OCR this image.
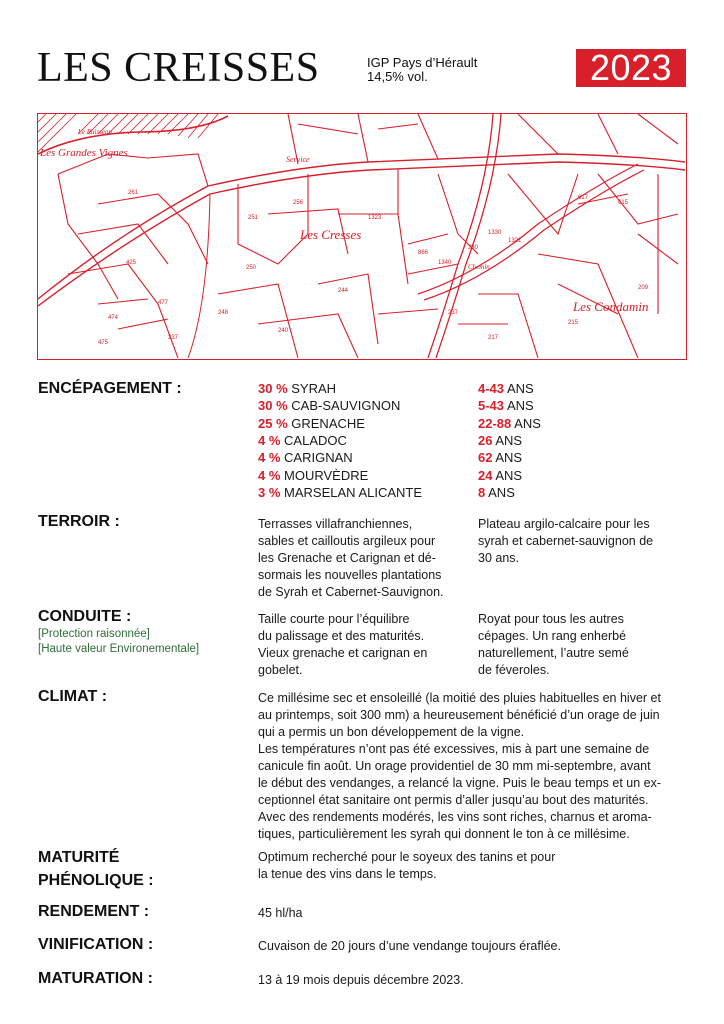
LES CREISSES	IGP Pays d’Hérault
14,5% vol.	2023
Les Grandes Vignes
Les Cresses
Les Condamin
Service
Le Ruisseau
Chemin
261
425
251
250
256
1323
866
1340
230
1330
1321
617
615
248
240
244
237
217
215
209
477
474
475
237
ENCÉPAGEMENT :	30 % SYRAH	4-43 ANS
30 % CAB-SAUVIGNON	5-43 ANS
25 % GRENACHE	22-88 ANS
4 % CALADOC	26 ANS
4 % CARIGNAN	62 ANS
4 % MOURVÈDRE	24 ANS
3 % MARSELAN ALICANTE	8 ANS
TERROIR :	Terrasses villafranchiennes,
sables et cailloutis argileux pour
les Grenache et Carignan et dé-
sormais les nouvelles plantations
de Syrah et Cabernet-Sauvignon.
Plateau argilo-calcaire pour les
syrah et cabernet-sauvignon de
30 ans.
CONDUITE :
[Protection raisonnée]
[Haute valeur Environementale]
Taille courte pour l’équilibre
du palissage et des maturités.
Vieux grenache et carignan en
gobelet.
Royat pour tous les autres
cépages. Un rang enherbé
naturellement, l’autre semé
de féveroles.
CLIMAT :	Ce millésime sec et ensoleillé (la moitié des pluies habituelles en hiver et
au printemps, soit 300 mm) a heureusement bénéficié d’un orage de juin
qui a permis un bon développement de la vigne.
Les températures n’ont pas été excessives, mis à part une semaine de
canicule fin août. Un orage providentiel de 30 mm mi-septembre, avant
le début des vendanges, a relancé la vigne. Puis le beau temps et un ex-
ceptionnel état sanitaire ont permis d’aller jusqu’au bout des maturités.
Avec des rendements modérés, les vins sont riches, charnus et aroma-
tiques, particulièrement les syrah qui donnent le ton à ce millésime.
MATURITÉ
PHÉNOLIQUE :
Optimum recherché pour le soyeux des tanins et pour
la tenue des vins dans le temps.
RENDEMENT :	45 hl/ha
VINIFICATION :	Cuvaison de 20 jours d’une vendange toujours éraflée.
MATURATION :	13 à 19 mois depuis décembre 2023.
